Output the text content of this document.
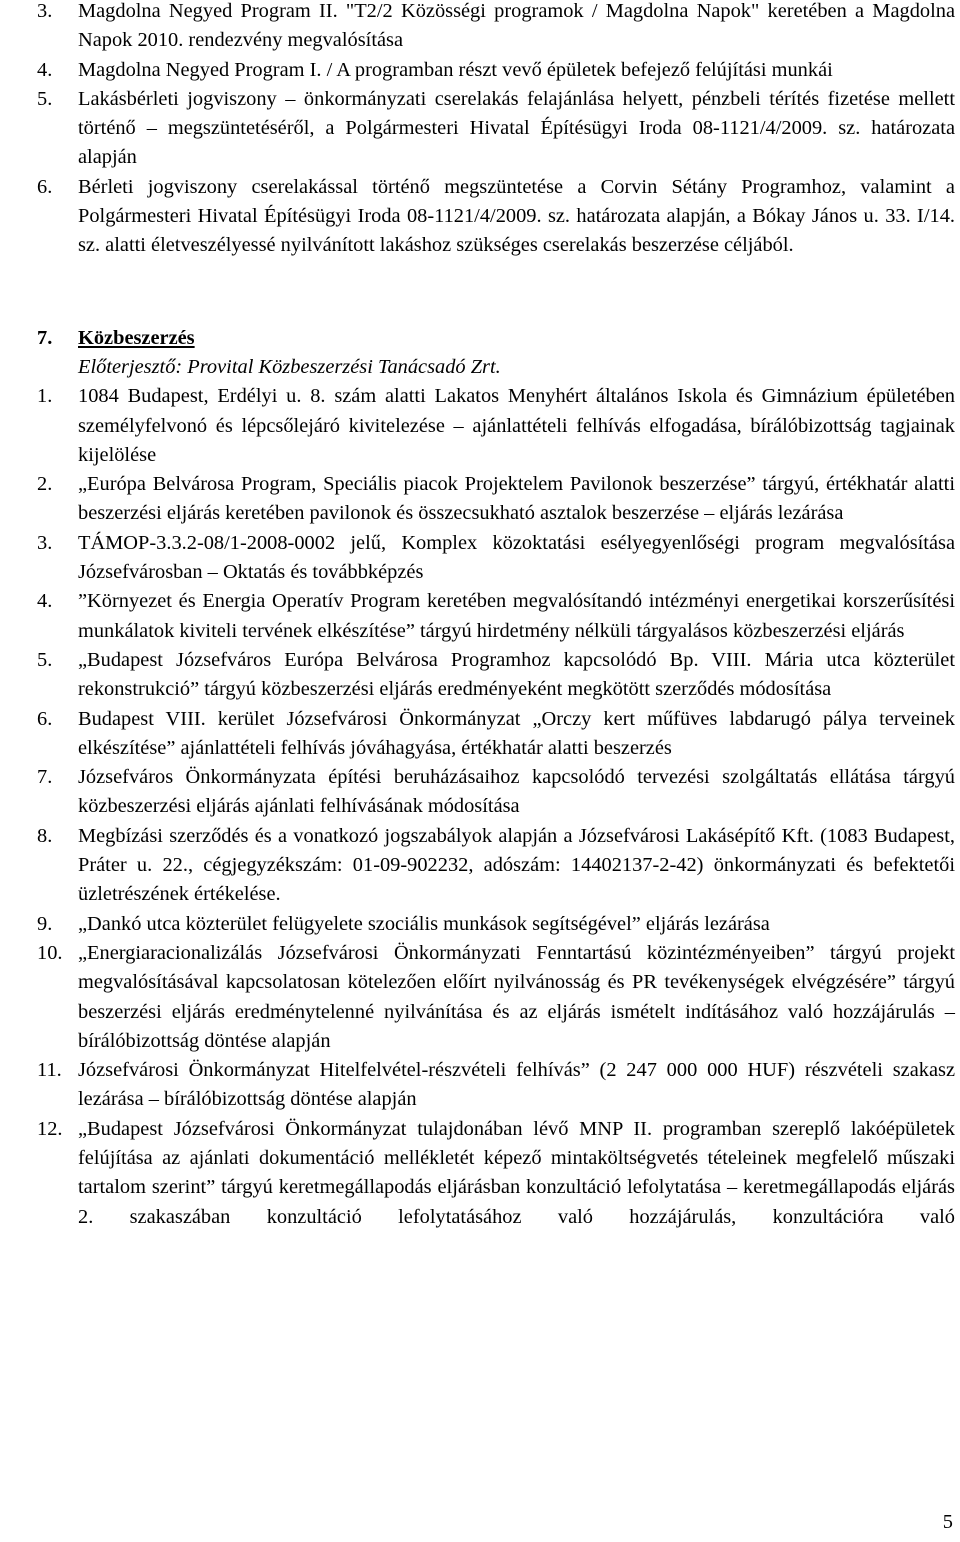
3. Magdolna Negyed Program II. "T2/2 Közösségi programok / Magdolna Napok" keretében a Magdolna Napok 2010. rendezvény megvalósítása
4. Magdolna Negyed Program I. / A programban részt vevő épületek befejező felújítási munkái
5. Lakásbérleti jogviszony – önkormányzati cserelakás felajánlása helyett, pénzbeli térítés fizetése mellett történő – megszüntetéséről, a Polgármesteri Hivatal Építésügyi Iroda 08-1121/4/2009. sz. határozata alapján
6. Bérleti jogviszony cserelakással történő megszüntetése a Corvin Sétány Programhoz, valamint a Polgármesteri Hivatal Építésügyi Iroda 08-1121/4/2009. sz. határozata alapján, a Bókay János u. 33. I/14. sz. alatti életveszélyessé nyilvánított lakáshoz szükséges cserelakás beszerzése céljából.
7. Közbeszerzés
Előterjesztő: Provital Közbeszerzési Tanácsadó Zrt.
1. 1084 Budapest, Erdélyi u. 8. szám alatti Lakatos Menyhért általános Iskola és Gimnázium épületében személyfelvonó és lépcsőlejáró kivitelezése – ajánlattételi felhívás elfogadása, bírálóbizottság tagjainak kijelölése
2. „Európa Belvárosa Program, Speciális piacok Projektelem Pavilonok beszerzése” tárgyú, értékhatár alatti beszerzési eljárás keretében pavilonok és összecsukható asztalok beszerzése – eljárás lezárása
3. TÁMOP-3.3.2-08/1-2008-0002 jelű, Komplex közoktatási esélyegyenlőségi program megvalósítása Józsefvárosban – Oktatás és továbbképzés
4. ”Környezet és Energia Operatív Program keretében megvalósítandó intézményi energetikai korszerűsítési munkálatok kiviteli tervének elkészítése” tárgyú hirdetmény nélküli tárgyalásos közbeszerzési eljárás
5. „Budapest Józsefváros Európa Belvárosa Programhoz kapcsolódó Bp. VIII. Mária utca közterület rekonstrukció” tárgyú közbeszerzési eljárás eredményeként megkötött szerződés módosítása
6. Budapest VIII. kerület Józsefvárosi Önkormányzat „Orczy kert műfüves labdarugó pálya terveinek elkészítése” ajánlattételi felhívás jóváhagyása, értékhatár alatti beszerzés
7. Józsefváros Önkormányzata építési beruházásaihoz kapcsolódó tervezési szolgáltatás ellátása tárgyú közbeszerzési eljárás ajánlati felhívásának módosítása
8. Megbízási szerződés és a vonatkozó jogszabályok alapján a Józsefvárosi Lakásépítő Kft. (1083 Budapest, Práter u. 22., cégjegyzékszám: 01-09-902232, adószám: 14402137-2-42) önkormányzati és befektetői üzletrészének értékelése.
9. „Dankó utca közterület felügyelete szociális munkások segítségével” eljárás lezárása
10. „Energiaracionalizálás Józsefvárosi Önkormányzati Fenntartású közintézményeiben” tárgyú projekt megvalósításával kapcsolatosan kötelezően előírt nyilvánosság és PR tevékenységek elvégzésére” tárgyú beszerzési eljárás eredménytelenné nyilvánítása és az eljárás ismételt indításához való hozzájárulás – bírálóbizottság döntése alapján
11. Józsefvárosi Önkormányzat Hitelfelvétel-részvételi felhívás” (2 247 000 000 HUF) részvételi szakasz lezárása – bírálóbizottság döntése alapján
12. „Budapest Józsefvárosi Önkormányzat tulajdonában lévő MNP II. programban szereplő lakóépületek felújítása az ajánlati dokumentáció mellékletét képező mintaköltségvetés tételeinek megfelelő műszaki tartalom szerint” tárgyú keretmegállapodás eljárásban konzultáció lefolytatása – keretmegállapodás eljárás 2. szakaszában konzultáció lefolytatásához való hozzájárulás, konzultációra való
5
